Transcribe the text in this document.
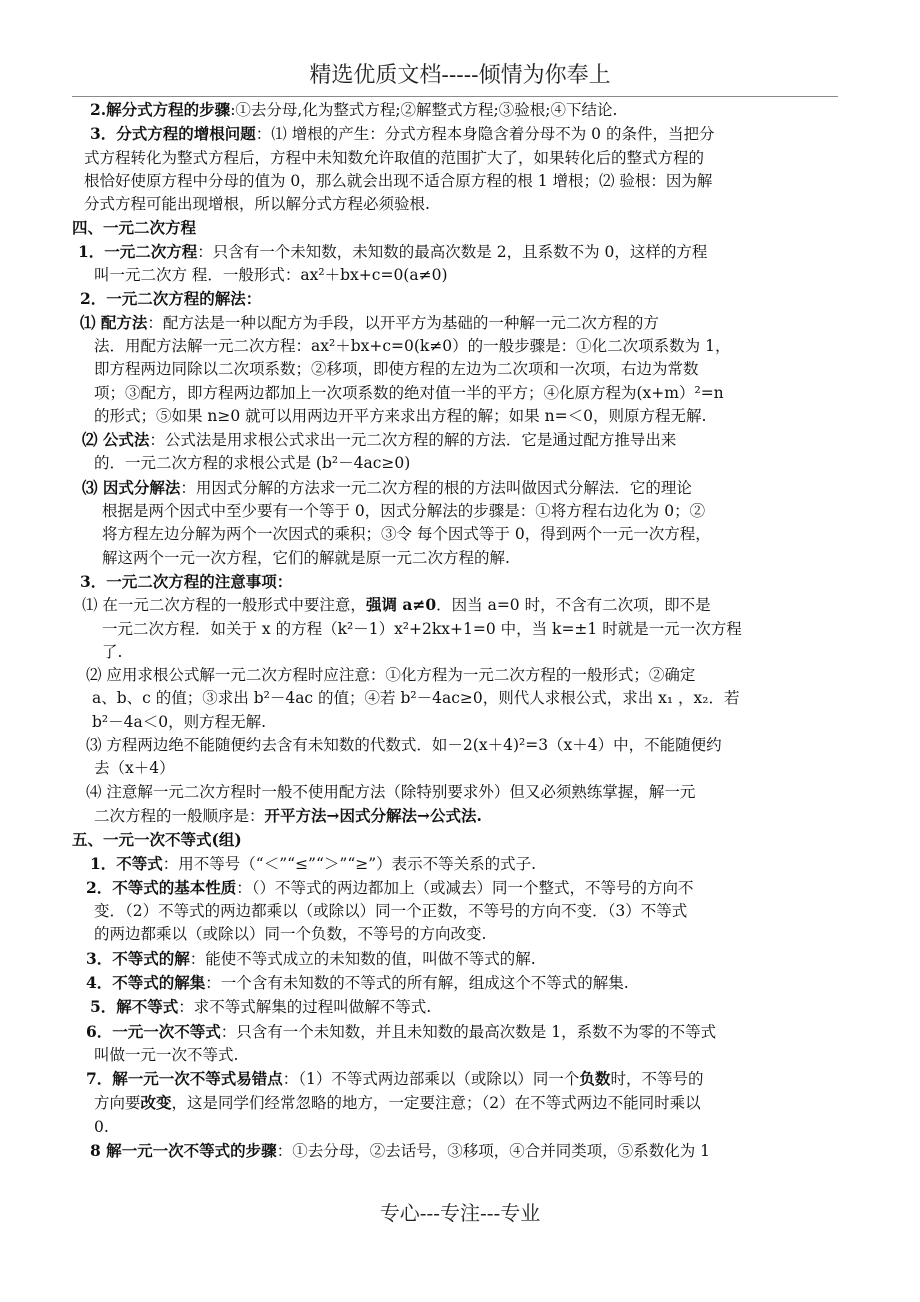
精选优质文档-----倾情为你奉上
2.解分式方程的步骤:①去分母,化为整式方程;②解整式方程;③验根;④下结论.
3．分式方程的增根问题：⑴ 增根的产生：分式方程本身隐含着分母不为 0 的条件，当把分
式方程转化为整式方程后，方程中未知数允许取值的范围扩大了，如果转化后的整式方程的
根恰好使原方程中分母的值为 0，那么就会出现不适合原方程的根 1 增根；⑵ 验根：因为解
分式方程可能出现增根，所以解分式方程必须验根.
四、一元二次方程
1．一元二次方程：只含有一个未知数，未知数的最高次数是 2，且系数不为 0，这样的方程
叫一元二次方 程．一般形式：ax²＋bx+c=0(a≠0)
2．一元二次方程的解法：
⑴ 配方法：配方法是一种以配方为手段，以开平方为基础的一种解一元二次方程的方
法．用配方法解一元二次方程：ax²＋bx+c=0(k≠0）的一般步骤是：①化二次项系数为 1，
即方程两边同除以二次项系数；②移项，即使方程的左边为二次项和一次项，右边为常数
项；③配方，即方程两边都加上一次项系数的绝对值一半的平方；④化原方程为(x+m）²=n
的形式；⑤如果 n≥0 就可以用两边开平方来求出方程的解；如果 n=＜0，则原方程无解.
⑵ 公式法：公式法是用求根公式求出一元二次方程的解的方法．它是通过配方推导出来
的．一元二次方程的求根公式是 (b²－4ac≥0)
⑶ 因式分解法：用因式分解的方法求一元二次方程的根的方法叫做因式分解法．它的理论
根据是两个因式中至少要有一个等于 0，因式分解法的步骤是：①将方程右边化为 0；②
将方程左边分解为两个一次因式的乘积；③令 每个因式等于 0，得到两个一元一次方程，
解这两个一元一次方程，它们的解就是原一元二次方程的解.
3．一元二次方程的注意事项：
⑴ 在一元二次方程的一般形式中要注意，强调 a≠0．因当 a=0 时，不含有二次项，即不是
一元二次方程．如关于 x 的方程（k²－1）x²+2kx+1=0 中，当 k=±1 时就是一元一次方程
了.
⑵ 应用求根公式解一元二次方程时应注意：①化方程为一元二次方程的一般形式；②确定
a、b、c 的值；③求出 b²－4ac 的值；④若 b²－4ac≥0，则代人求根公式，求出 x₁ ，x₂．若
b²－4a＜0，则方程无解.
⑶ 方程两边绝不能随便约去含有未知数的代数式．如－2(x＋4)²=3（x＋4）中，不能随便约
去（x＋4）
⑷ 注意解一元二次方程时一般不使用配方法（除特别要求外）但又必须熟练掌握，解一元
二次方程的一般顺序是：开平方法→因式分解法→公式法.
五、一元一次不等式(组)
1．不等式：用不等号（“＜”“≤”“＞”“≥”）表示不等关系的式子.
2．不等式的基本性质：（）不等式的两边都加上（或减去）同一个整式，不等号的方向不
变．（2）不等式的两边都乘以（或除以）同一个正数，不等号的方向不变．（3）不等式
的两边都乘以（或除以）同一个负数，不等号的方向改变.
3．不等式的解：能使不等式成立的未知数的值，叫做不等式的解.
4．不等式的解集：一个含有未知数的不等式的所有解，组成这个不等式的解集.
5．解不等式：求不等式解集的过程叫做解不等式.
6．一元一次不等式：只含有一个未知数，并且未知数的最高次数是 1，系数不为零的不等式
叫做一元一次不等式.
7．解一元一次不等式易错点：（1）不等式两边部乘以（或除以）同一个负数时，不等号的
方向要改变，这是同学们经常忽略的地方，一定要注意；（2）在不等式两边不能同时乘以
0.
8 解一元一次不等式的步骤：①去分母，②去话号，③移项，④合并同类项，⑤系数化为 1
专心---专注---专业
